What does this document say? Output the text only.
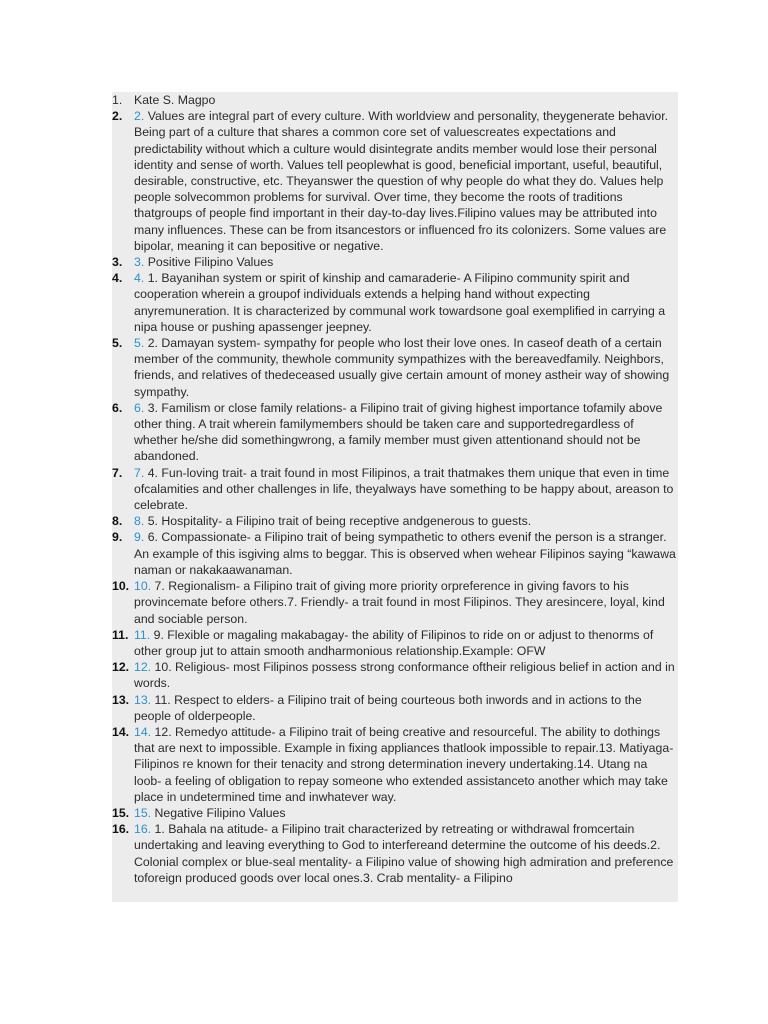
1. Kate S. Magpo
2. 2. Values are integral part of every culture. With worldview and personality, theygenerate behavior. Being part of a culture that shares a common core set of valuescreates expectations and predictability without which a culture would disintegrate andits member would lose their personal identity and sense of worth. Values tell peoplewhat is good, beneficial important, useful, beautiful, desirable, constructive, etc. Theyanswer the question of why people do what they do. Values help people solvecommon problems for survival. Over time, they become the roots of traditions thatgroups of people find important in their day-to-day lives.Filipino values may be attributed into many influences. These can be from itsancestors or influenced fro its colonizers. Some values are bipolar, meaning it can bepositive or negative.
3. 3. Positive Filipino Values
4. 4. 1. Bayanihan system or spirit of kinship and camaraderie- A Filipino community spirit and cooperation wherein a groupof individuals extends a helping hand without expecting anyremuneration. It is characterized by communal work towardsone goal exemplified in carrying a nipa house or pushing apassenger jeepney.
5. 5. 2. Damayan system- sympathy for people who lost their love ones. In caseof death of a certain member of the community, thewhole community sympathizes with the bereavedfamily. Neighbors, friends, and relatives of thedeceased usually give certain amount of money astheir way of showing sympathy.
6. 6. 3. Familism or close family relations- a Filipino trait of giving highest importance tofamily above other thing. A trait wherein familymembers should be taken care and supportedregardless of whether he/she did somethingwrong, a family member must given attentionand should not be abandoned.
7. 7. 4. Fun-loving trait- a trait found in most Filipinos, a trait thatmakes them unique that even in time ofcalamities and other challenges in life, theyalways have something to be happy about, areason to celebrate.
8. 8. 5. Hospitality- a Filipino trait of being receptive andgenerous to guests.
9. 9. 6. Compassionate- a Filipino trait of being sympathetic to others evenif the person is a stranger. An example of this isgiving alms to beggar. This is observed when wehear Filipinos saying “kawawa naman or nakakaawanaman.
10. 10. 7. Regionalism- a Filipino trait of giving more priority orpreference in giving favors to his provincemate before others.7. Friendly- a trait found in most Filipinos. They aresincere, loyal, kind and sociable person.
11. 11. 9. Flexible or magaling makabagay- the ability of Filipinos to ride on or adjust to thenorms of other group jut to attain smooth andharmonious relationship.Example: OFW
12. 12. 10. Religious- most Filipinos possess strong conformance oftheir religious belief in action and in words.
13. 13. 11. Respect to elders- a Filipino trait of being courteous both inwords and in actions to the people of olderpeople.
14. 14. 12. Remedyo attitude- a Filipino trait of being creative and resourceful. The ability to dothings that are next to impossible. Example in fixing appliances thatlook impossible to repair.13. Matiyaga- Filipinos re known for their tenacity and strong determination inevery undertaking.14. Utang na loob- a feeling of obligation to repay someone who extended assistanceto another which may take place in undetermined time and inwhatever way.
15. 15. Negative Filipino Values
16. 16. 1. Bahala na atitude- a Filipino trait characterized by retreating or withdrawal fromcertain undertaking and leaving everything to God to interfereand determine the outcome of his deeds.2. Colonial complex or blue-seal mentality- a Filipino value of showing high admiration and preference toforeign produced goods over local ones.3. Crab mentality- a Filipino
